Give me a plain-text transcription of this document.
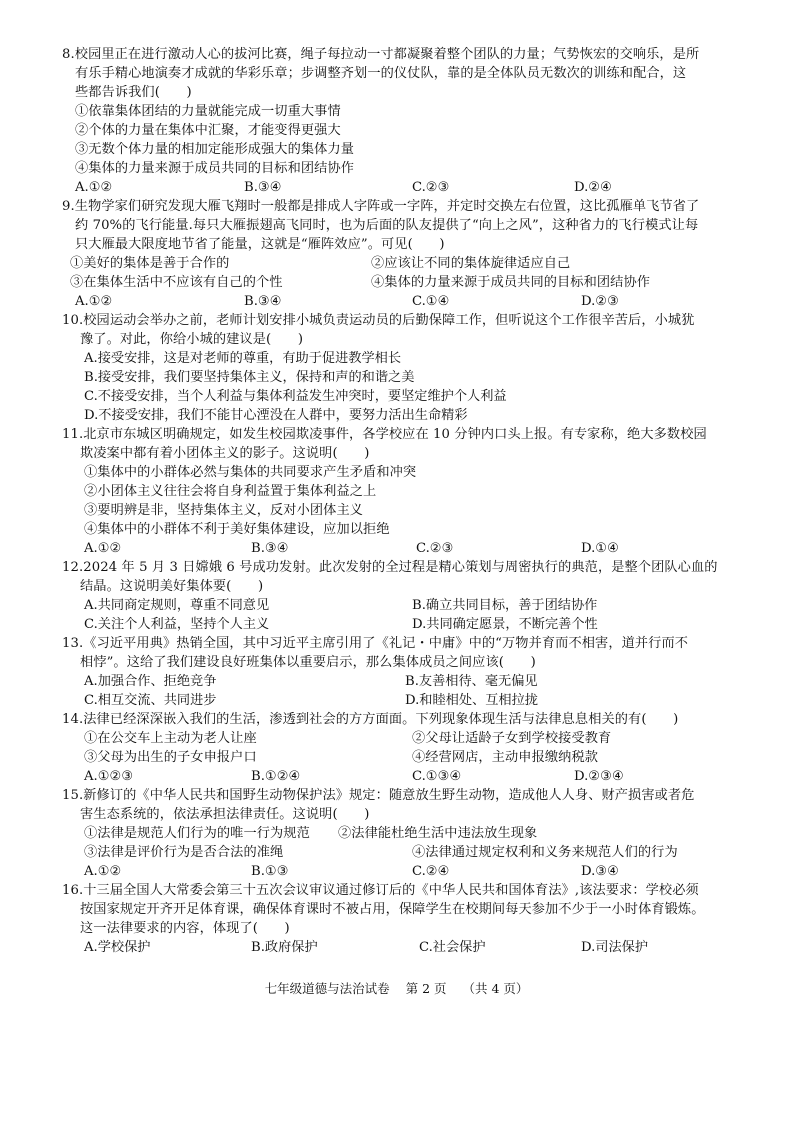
8.校园里正在进行激动人心的拔河比赛，绳子每拉动一寸都凝聚着整个团队的力量；气势恢宏的交响乐，是所
有乐手精心地演奏才成就的华彩乐章；步调整齐划一的仪仗队，靠的是全体队员无数次的训练和配合，这
些都告诉我们(　　)
①依靠集体团结的力量就能完成一切重大事情
②个体的力量在集体中汇聚，才能变得更强大
③无数个体力量的相加定能形成强大的集体力量
④集体的力量来源于成员共同的目标和团结协作
A.①②	B.③④	C.②③	D.②④
9.生物学家们研究发现大雁飞翔时一般都是排成人字阵或一字阵，并定时交换左右位置，这比孤雁单飞节省了
约 70%的飞行能量.每只大雁振翅高飞同时，也为后面的队友提供了“向上之风”，这种省力的飞行模式让每
只大雁最大限度地节省了能量，这就是“雁阵效应”。可见(　　)
①美好的集体是善于合作的	②应该让不同的集体旋律适应自己
③在集体生活中不应该有自己的个性	④集体的力量来源于成员共同的目标和团结协作
A.①②	B.③④	C.①④	D.②③
10.校园运动会举办之前，老师计划安排小城负责运动员的后勤保障工作，但听说这个工作很辛苦后，小城犹
豫了。对此，你给小城的建议是(　　)
A.接受安排，这是对老师的尊重，有助于促进教学相长
B.接受安排，我们要坚持集体主义，保持和声的和谐之美
C.不接受安排，当个人利益与集体利益发生冲突时，要坚定维护个人利益
D.不接受安排，我们不能甘心湮没在人群中，要努力活出生命精彩
11.北京市东城区明确规定，如发生校园欺凌事件，各学校应在 10 分钟内口头上报。有专家称，绝大多数校园
欺凌案中都有着小团体主义的影子。这说明(　　)
①集体中的小群体必然与集体的共同要求产生矛盾和冲突
②小团体主义往往会将自身利益置于集体利益之上
③要明辨是非，坚持集体主义，反对小团体主义
④集体中的小群体不利于美好集体建设，应加以拒绝
A.①②	B.③④	C.②③	D.①④
12.2024 年 5 月 3 日嫦娥 6 号成功发射。此次发射的全过程是精心策划与周密执行的典范，是整个团队心血的
结晶。这说明美好集体要(　　)
A.共同商定规则，尊重不同意见	B.确立共同目标，善于团结协作
C.关注个人利益，坚持个人主义	D.共同确定愿景，不断完善个性
13.《习近平用典》热销全国，其中习近平主席引用了《礼记・中庸》中的“万物并育而不相害，道并行而不
相悖”。这给了我们建设良好班集体以重要启示，那么集体成员之间应该(　　)
A.加强合作、拒绝竞争	B.友善相待、毫无偏见
C.相互交流、共同进步	D.和睦相处、互相拉拢
14.法律已经深深嵌入我们的生活，渗透到社会的方方面面。下列现象体现生活与法律息息相关的有(　　)
①在公交车上主动为老人让座	②父母让适龄子女到学校接受教育
③父母为出生的子女申报户口	④经营网店，主动申报缴纳税款
A.①②③	B.①②④	C.①③④	D.②③④
15.新修订的《中华人民共和国野生动物保护法》规定：随意放生野生动物，造成他人人身、财产损害或者危
害生态系统的，依法承担法律责任。这说明(　　)
①法律是规范人们行为的唯一行为规范 ②法律能杜绝生活中违法放生现象
③法律是评价行为是否合法的准绳	④法律通过规定权利和义务来规范人们的行为
A.①②	B.①③	C.②④	D.③④
16.十三届全国人大常委会第三十五次会议审议通过修订后的《中华人民共和国体育法》,该法要求：学校必须
按国家规定开齐开足体育课，确保体育课时不被占用，保障学生在校期间每天参加不少于一小时体育锻炼。
这一法律要求的内容，体现了(　　)
A.学校保护	B.政府保护	C.社会保护	D.司法保护
七年级道德与法治试卷 第 2 页 （共 4 页）
